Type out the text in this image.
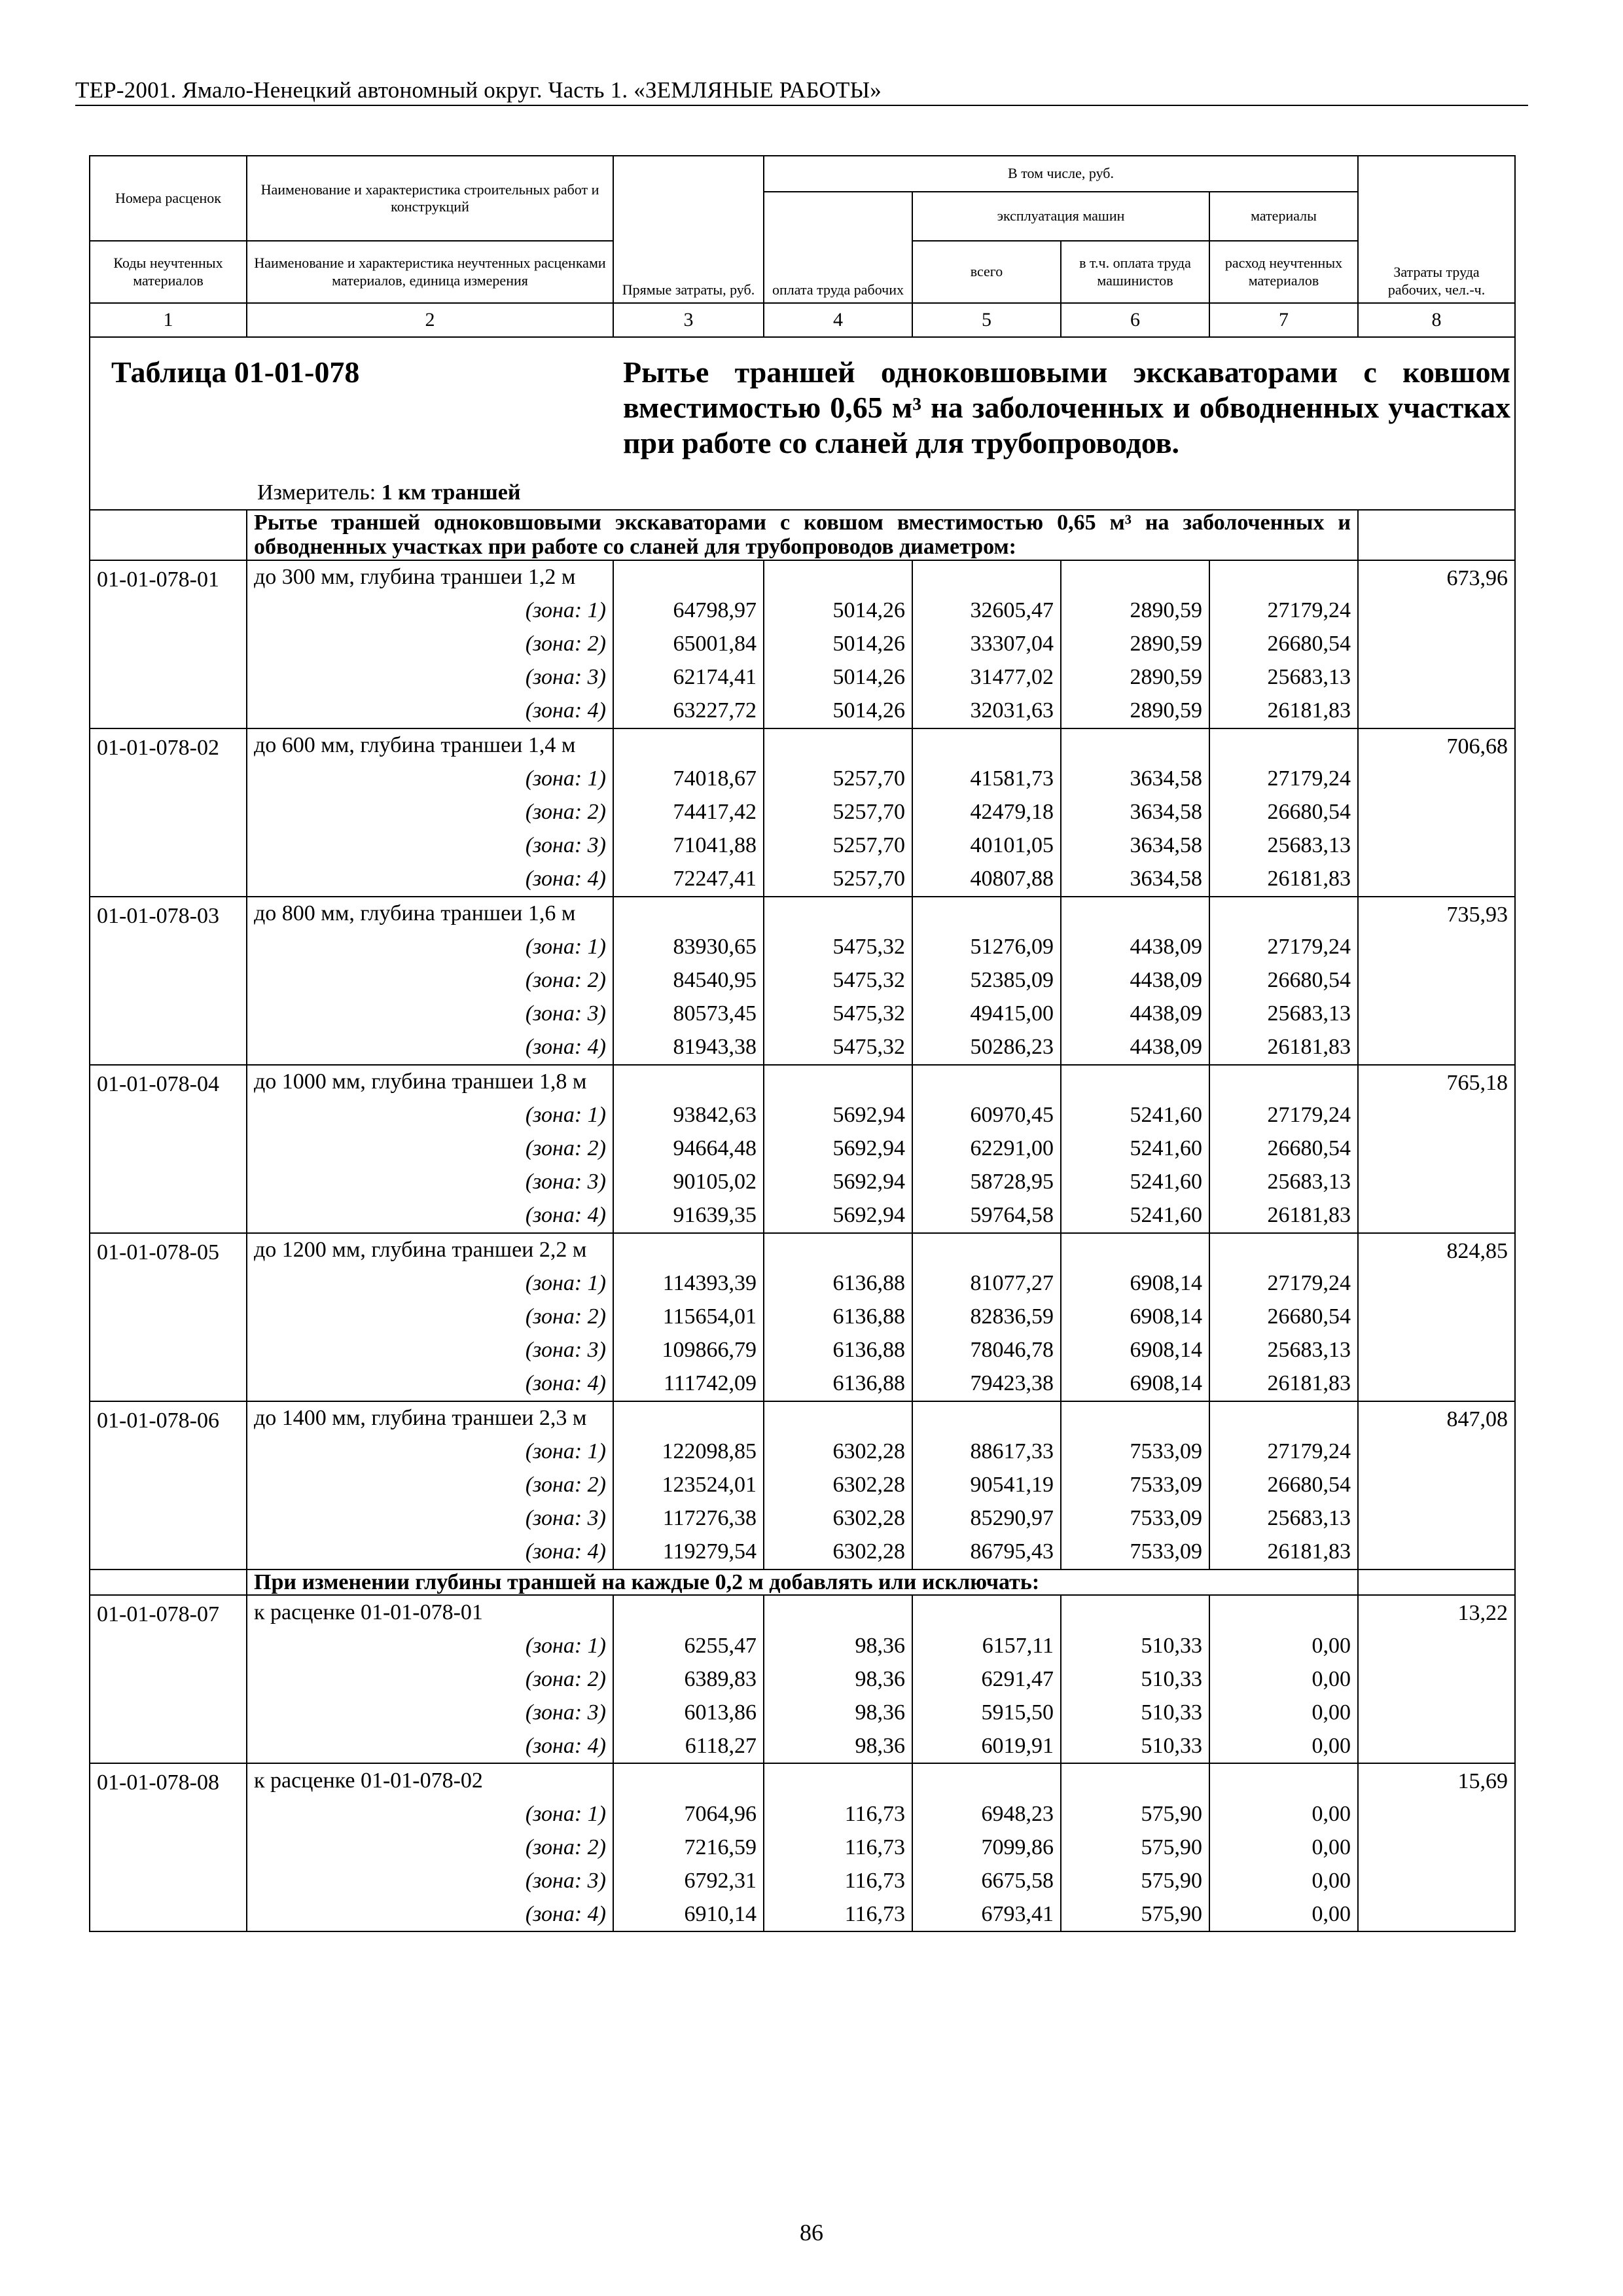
ТЕР-2001. Ямало-Ненецкий автономный округ. Часть 1. «ЗЕМЛЯНЫЕ РАБОТЫ»
Номера расценок	Наименование и характеристика строительных работ и конструкций	Прямые затраты, руб.	В том числе, руб.				Затраты труда рабочих, чел.-ч.
			оплата труда рабочих	эксплуатация машин		материалы	
Коды неучтенных материалов	Наименование и характеристика неучтенных расценками материалов, единица измерения			всего	в т.ч. оплата труда машинистов	расход неучтенных материалов	
1	2	3	4	5	6	7	8

Таблица 01-01-078 Рытье траншей одноковшовыми экскаваторами с ковшом вместимостью 0,65 м³ на заболоченных и обводненных участках при работе со сланей для трубопроводов.
Измеритель: 1 км траншей							

	Рытье траншей одноковшовыми экскаваторами с ковшом вместимостью 0,65 м³ на заболоченных и обводненных участках при работе со сланей для трубопроводов диаметром:						
01-01-078-01	до 300 мм, глубина траншеи 1,2 м						673,96
	(зона: 1)	64798,97	5014,26	32605,47	2890,59	27179,24	
	(зона: 2)	65001,84	5014,26	33307,04	2890,59	26680,54	
	(зона: 3)	62174,41	5014,26	31477,02	2890,59	25683,13	
	(зона: 4)	63227,72	5014,26	32031,63	2890,59	26181,83	
01-01-078-02	до 600 мм, глубина траншеи 1,4 м						706,68
	(зона: 1)	74018,67	5257,70	41581,73	3634,58	27179,24	
	(зона: 2)	74417,42	5257,70	42479,18	3634,58	26680,54	
	(зона: 3)	71041,88	5257,70	40101,05	3634,58	25683,13	
	(зона: 4)	72247,41	5257,70	40807,88	3634,58	26181,83	
01-01-078-03	до 800 мм, глубина траншеи 1,6 м						735,93
	(зона: 1)	83930,65	5475,32	51276,09	4438,09	27179,24	
	(зона: 2)	84540,95	5475,32	52385,09	4438,09	26680,54	
	(зона: 3)	80573,45	5475,32	49415,00	4438,09	25683,13	
	(зона: 4)	81943,38	5475,32	50286,23	4438,09	26181,83	
01-01-078-04	до 1000 мм, глубина траншеи 1,8 м						765,18
	(зона: 1)	93842,63	5692,94	60970,45	5241,60	27179,24	
	(зона: 2)	94664,48	5692,94	62291,00	5241,60	26680,54	
	(зона: 3)	90105,02	5692,94	58728,95	5241,60	25683,13	
	(зона: 4)	91639,35	5692,94	59764,58	5241,60	26181,83	
01-01-078-05	до 1200 мм, глубина траншеи 2,2 м						824,85
	(зона: 1)	114393,39	6136,88	81077,27	6908,14	27179,24	
	(зона: 2)	115654,01	6136,88	82836,59	6908,14	26680,54	
	(зона: 3)	109866,79	6136,88	78046,78	6908,14	25683,13	
	(зона: 4)	111742,09	6136,88	79423,38	6908,14	26181,83	
01-01-078-06	до 1400 мм, глубина траншеи 2,3 м						847,08
	(зона: 1)	122098,85	6302,28	88617,33	7533,09	27179,24	
	(зона: 2)	123524,01	6302,28	90541,19	7533,09	26680,54	
	(зона: 3)	117276,38	6302,28	85290,97	7533,09	25683,13	
	(зона: 4)	119279,54	6302,28	86795,43	7533,09	26181,83	
	При изменении глубины траншей на каждые 0,2 м добавлять или исключать:						
01-01-078-07	к расценке 01-01-078-01						13,22
	(зона: 1)	6255,47	98,36	6157,11	510,33	0,00	
	(зона: 2)	6389,83	98,36	6291,47	510,33	0,00	
	(зона: 3)	6013,86	98,36	5915,50	510,33	0,00	
	(зона: 4)	6118,27	98,36	6019,91	510,33	0,00	
01-01-078-08	к расценке 01-01-078-02						15,69
	(зона: 1)	7064,96	116,73	6948,23	575,90	0,00	
	(зона: 2)	7216,59	116,73	7099,86	575,90	0,00	
	(зона: 3)	6792,31	116,73	6675,58	575,90	0,00	
	(зона: 4)	6910,14	116,73	6793,41	575,90	0,00	
86
